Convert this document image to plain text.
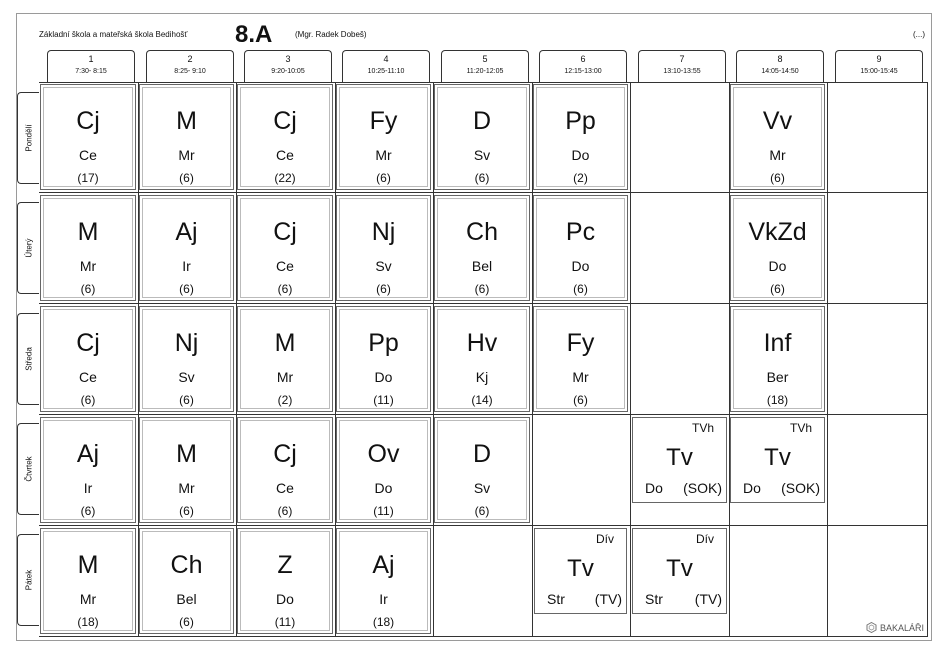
Základní škola a mateřská škola Bedihošť 8.A	(Mgr. Radek Dobeš)	(...)
1
7:30- 8:15
2
8:25- 9:10
3
9:20-10:05
4
10:25-11:10
5
11:20-12:05
6
12:15-13:00
7
13:10-13:55
8
14:05-14:50
9
15:00-15:45
Pondělí
Úterý
Středa
Čtvrtek
Pátek
Cj
Ce
(17)
M
Mr
(6)
Cj
Ce
(22)
Fy
Mr
(6)
D
Sv
(6)
Pp
Do
(2)
Vv
Mr
(6)
M
Mr
(6)
Aj
Ir
(6)
Cj
Ce
(6)
Nj
Sv
(6)
Ch
Bel
(6)
Pc
Do
(6)
VkZd
Do
(6)
Cj
Ce
(6)
Nj
Sv
(6)
M
Mr
(2)
Pp
Do
(11)
Hv
Kj
(14)
Fy
Mr
(6)
Inf
Ber
(18)
Aj
Ir
(6)
M
Mr
(6)
Cj
Ce
(6)
Ov
Do
(11)
D
Sv
(6)
TVh
Tv
Do (SOK)
TVh
Tv
Do (SOK)
M
Mr
(18)
Ch
Bel
(6)
Z
Do
(11)
Aj
Ir
(18)
Dív
Tv
Str (TV)
Dív
Tv
Str (TV)
BAKALÁŘI
